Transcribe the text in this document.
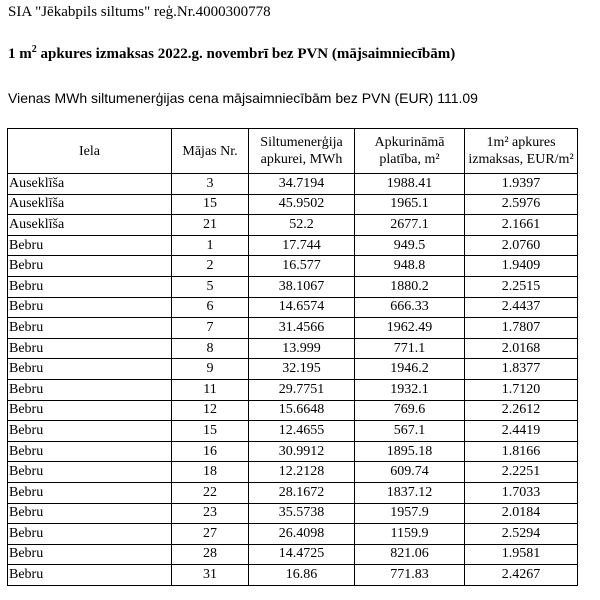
SIA "Jēkabpils siltums" reģ.Nr.4000300778
1 $m^2$ apkures izmaksas 2022.g. novembrī bez PVN (mājsaimniecībām)
Vienas MWh siltumenerģijas cena mājsaimniecībām bez PVN (EUR) 111.09
Iela	Mājas Nr.	Siltumenerģija apkurei, MWh	Apkurināmā platība, m²	1m² apkures izmaksas, EUR/m²
Auseklīša	3	34.7194	1988.41	1.9397
Auseklīša	15	45.9502	1965.1	2.5976
Auseklīša	21	52.2	2677.1	2.1661
Bebru	1	17.744	949.5	2.0760
Bebru	2	16.577	948.8	1.9409
Bebru	5	38.1067	1880.2	2.2515
Bebru	6	14.6574	666.33	2.4437
Bebru	7	31.4566	1962.49	1.7807
Bebru	8	13.999	771.1	2.0168
Bebru	9	32.195	1946.2	1.8377
Bebru	11	29.7751	1932.1	1.7120
Bebru	12	15.6648	769.6	2.2612
Bebru	15	12.4655	567.1	2.4419
Bebru	16	30.9912	1895.18	1.8166
Bebru	18	12.2128	609.74	2.2251
Bebru	22	28.1672	1837.12	1.7033
Bebru	23	35.5738	1957.9	2.0184
Bebru	27	26.4098	1159.9	2.5294
Bebru	28	14.4725	821.06	1.9581
Bebru	31	16.86	771.83	2.4267
